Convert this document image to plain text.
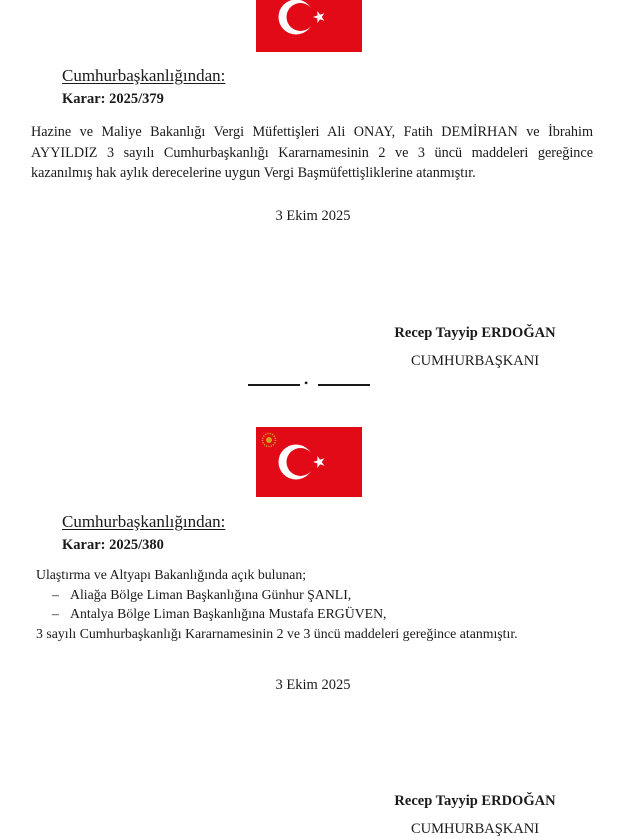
Cumhurbaşkanlığından:
Karar: 2025/379
Hazine ve Maliye Bakanlığı Vergi Müfettişleri Ali ONAY, Fatih DEMİRHAN ve İbrahim AYYILDIZ 3 sayılı Cumhurbaşkanlığı Kararnamesinin 2 ve 3 üncü maddeleri gereğince kazanılmış hak aylık derecelerine uygun Vergi Başmüfettişliklerine atanmıştır.
3 Ekim 2025
Recep Tayyip ERDOĞAN
CUMHURBAŞKANI
•
Cumhurbaşkanlığından:
Karar: 2025/380
Ulaştırma ve Altyapı Bakanlığında açık bulunan;
– Aliağa Bölge Liman Başkanlığına Günhur ŞANLI,
– Antalya Bölge Liman Başkanlığına Mustafa ERGÜVEN,
3 sayılı Cumhurbaşkanlığı Kararnamesinin 2 ve 3 üncü maddeleri gereğince atanmıştır.
3 Ekim 2025
Recep Tayyip ERDOĞAN
CUMHURBAŞKANI
